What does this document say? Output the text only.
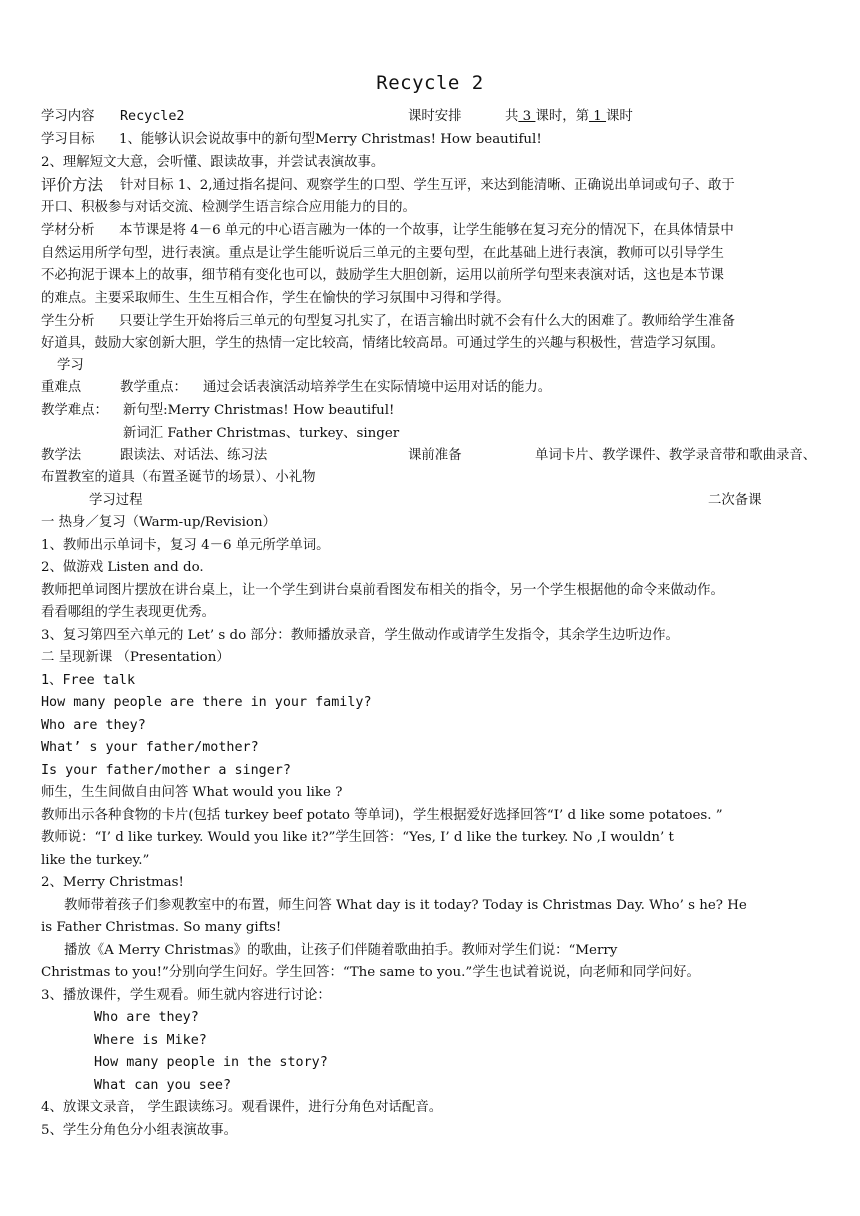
Recycle 2
学习内容 Recycle2	课时安排	共 3 课时，第 1 课时
学习目标 1、能够认识会说故事中的新句型Merry Christmas! How beautiful!
2、理解短文大意，会听懂、跟读故事，并尝试表演故事。
评价方法 针对目标 1、2,通过指名提问、观察学生的口型、学生互评，来达到能清晰、正确说出单词或句子、敢于
开口、积极参与对话交流、检测学生语言综合应用能力的目的。
学材分析 本节课是将 4－6 单元的中心语言融为一体的一个故事，让学生能够在复习充分的情况下，在具体情景中
自然运用所学句型，进行表演。重点是让学生能听说后三单元的主要句型，在此基础上进行表演，教师可以引导学生
不必拘泥于课本上的故事，细节稍有变化也可以，鼓励学生大胆创新，运用以前所学句型来表演对话，这也是本节课
的难点。主要采取师生、生生互相合作，学生在愉快的学习氛围中习得和学得。
学生分析 只要让学生开始将后三单元的句型复习扎实了，在语言输出时就不会有什么大的困难了。教师给学生准备
好道具，鼓励大家创新大胆，学生的热情一定比较高，情绪比较高昂。可通过学生的兴趣与积极性，营造学习氛围。
学习
重难点	教学重点： 通过会话表演活动培养学生在实际情境中运用对话的能力。
教学难点： 新句型:Merry Christmas! How beautiful!
新词汇 Father Christmas、turkey、singer
教学法	跟读法、对话法、练习法	课前准备	单词卡片、教学课件、教学录音带和歌曲录音、
布置教室的道具（布置圣诞节的场景）、小礼物
学习过程	二次备课
一 热身／复习（Warm-up/Revision）
1、教师出示单词卡，复习 4－6 单元所学单词。
2、做游戏 Listen and do.
教师把单词图片摆放在讲台桌上，让一个学生到讲台桌前看图发布相关的指令，另一个学生根据他的命令来做动作。
看看哪组的学生表现更优秀。
3、复习第四至六单元的 Let’ s do 部分：教师播放录音，学生做动作或请学生发指令，其余学生边听边作。
二 呈现新课 （Presentation）
1、Free talk
How many people are there in your family?
Who are they?
What’ s your father/mother?
Is your father/mother a singer?
师生，生生间做自由问答 What would you like ?
教师出示各种食物的卡片(包括 turkey beef potato 等单词)，学生根据爱好选择回答“I’ d like some potatoes. ”
教师说：“I’ d like turkey. Would you like it?”学生回答：“Yes, I’ d like the turkey. No ,I wouldn’ t
like the turkey.”
2、Merry Christmas!
教师带着孩子们参观教室中的布置，师生问答 What day is it today? Today is Christmas Day. Who’ s he? He
is Father Christmas. So many gifts!
播放《A Merry Christmas》的歌曲，让孩子们伴随着歌曲拍手。教师对学生们说：“Merry
Christmas to you!”分别向学生问好。学生回答：“The same to you.”学生也试着说说，向老师和同学问好。
3、播放课件，学生观看。师生就内容进行讨论：
Who are they?
Where is Mike?
How many people in the story?
What can you see?
4、放课文录音， 学生跟读练习。观看课件，进行分角色对话配音。
5、学生分角色分小组表演故事。
